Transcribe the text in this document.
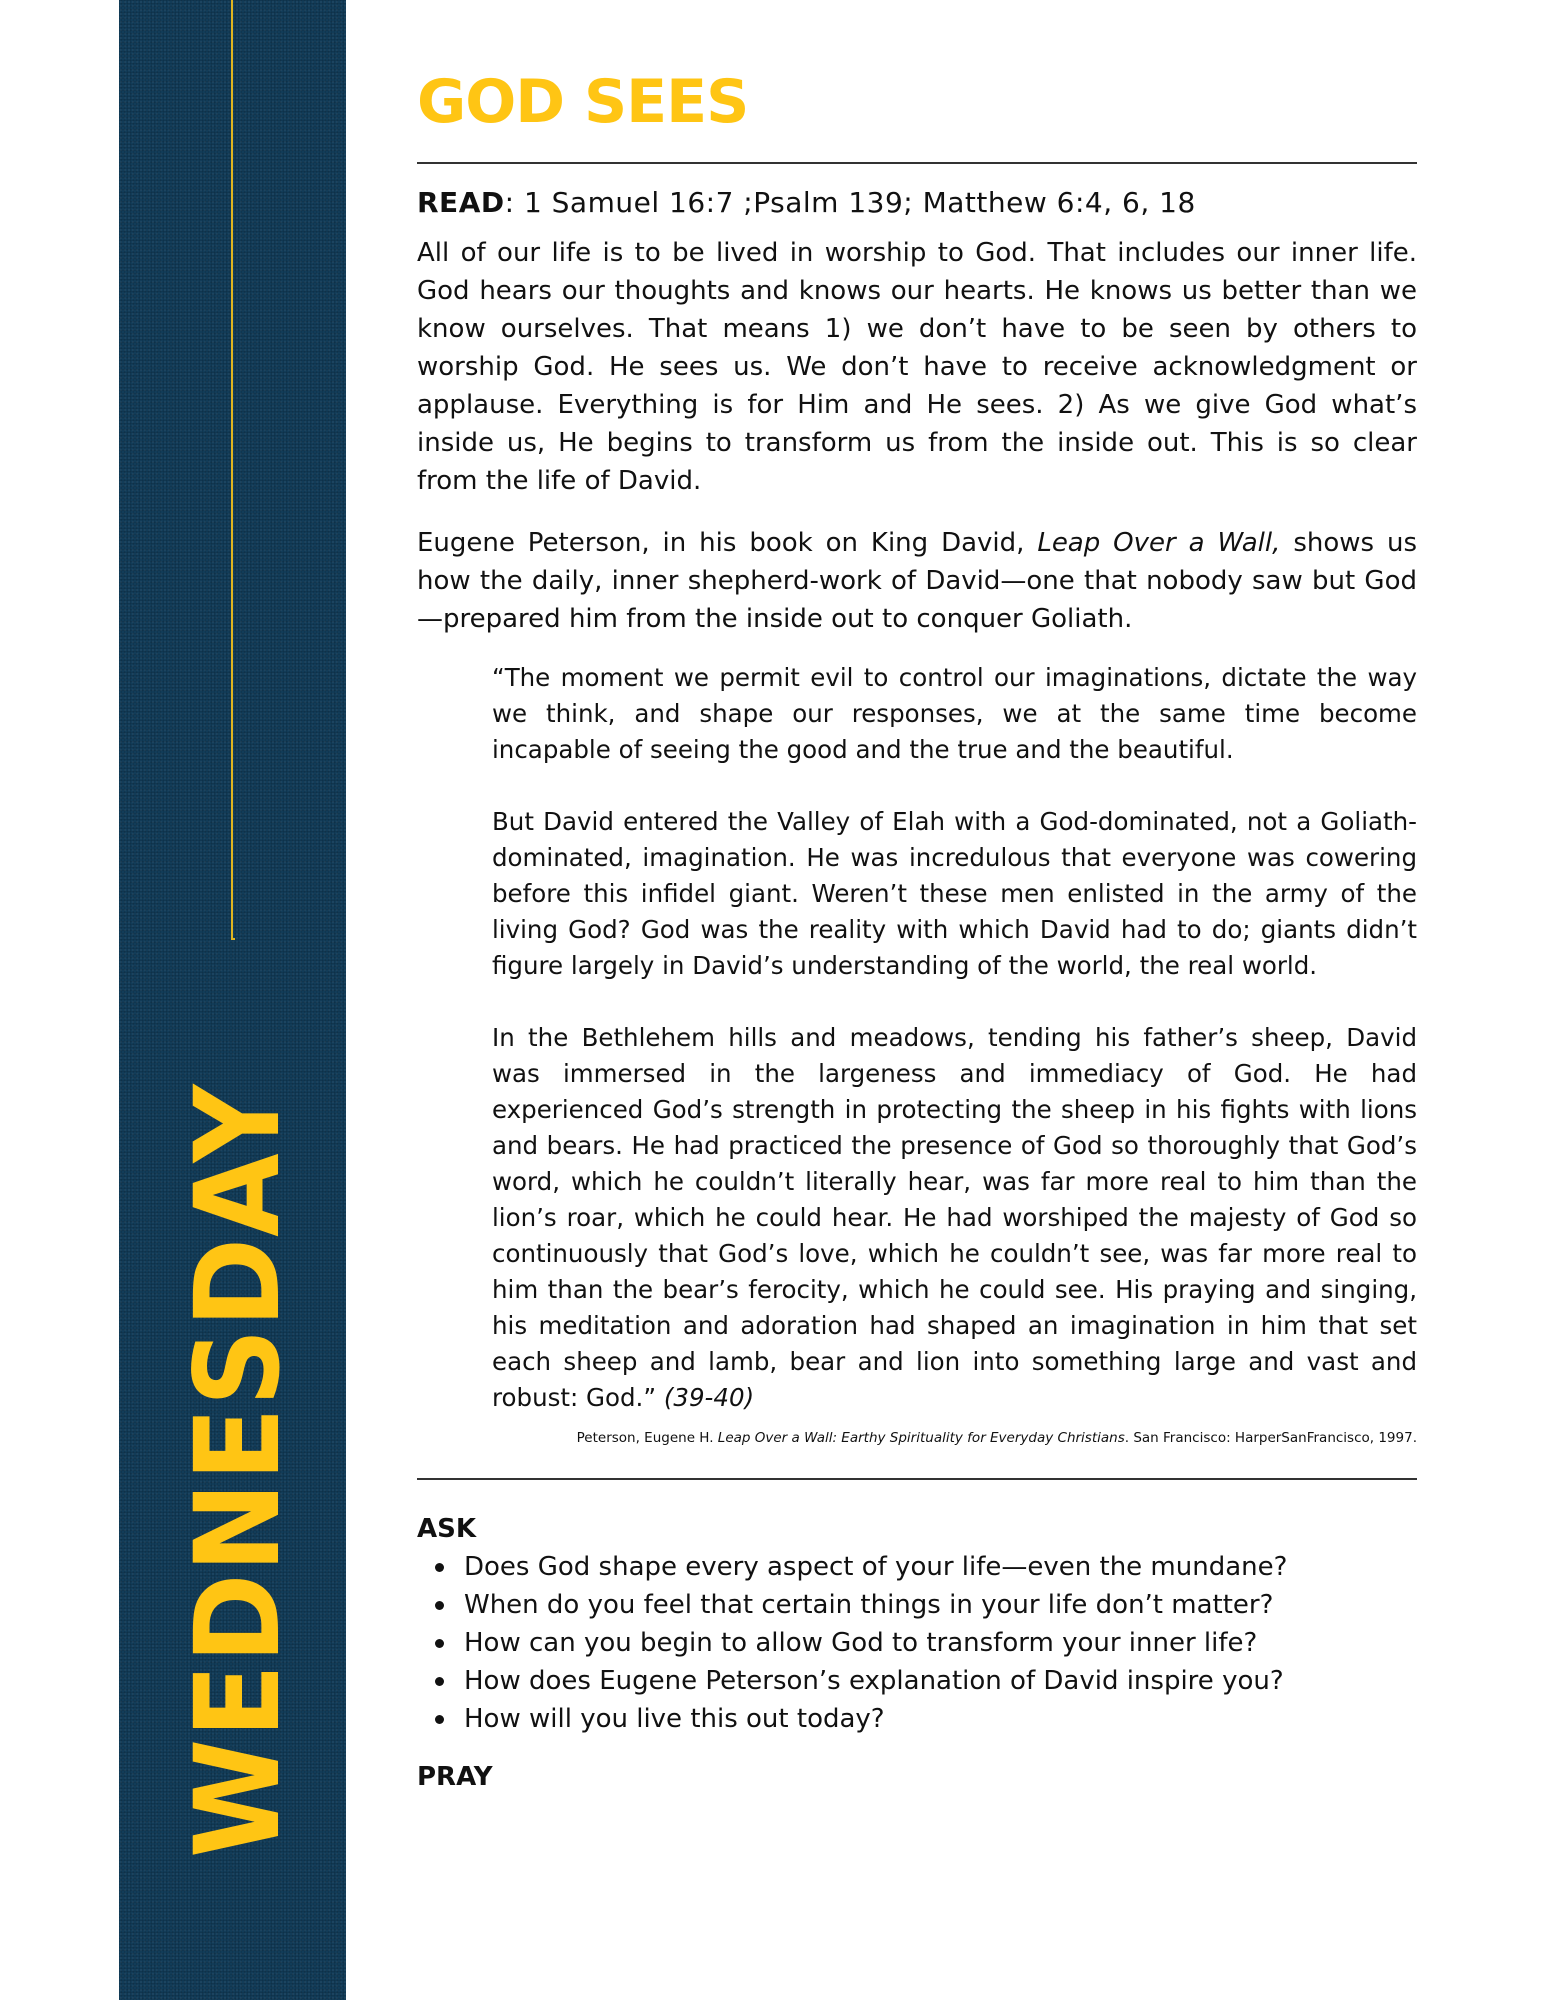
WEDNESDAY
GOD SEES

READ: 1 Samuel 16:7 ;Psalm 139; Matthew 6:4, 6, 18

All of our life is to be lived in worship to God. That includes our inner life. God hears our thoughts and knows our hearts. He knows us better than we know ourselves. That means 1) we don’t have to be seen by others to worship God. He sees us. We don’t have to receive acknowledgment or applause. Everything is for Him and He sees. 2) As we give God what’s inside us, He begins to transform us from the inside out. This is so clear from the life of David.

Eugene Peterson, in his book on King David, Leap Over a Wall, shows us how the daily, inner shepherd-work of David—one that nobody saw but God—prepared him from the inside out to conquer Goliath.

“The moment we permit evil to control our imaginations, dictate the way we think, and shape our responses, we at the same time become incapable of seeing the good and the true and the beautiful.

But David entered the Valley of Elah with a God-dominated, not a Goliath-dominated, imagination. He was incredulous that everyone was cowering before this infidel giant. Weren’t these men enlisted in the army of the living God? God was the reality with which David had to do; giants didn’t figure largely in David’s understanding of the world, the real world.

In the Bethlehem hills and meadows, tending his father’s sheep, David was immersed in the largeness and immediacy of God. He had experienced God’s strength in protecting the sheep in his fights with lions and bears. He had practiced the presence of God so thoroughly that God’s word, which he couldn’t literally hear, was far more real to him than the lion’s roar, which he could hear. He had worshiped the majesty of God so continuously that God’s love, which he couldn’t see, was far more real to him than the bear’s ferocity, which he could see. His praying and singing, his meditation and adoration had shaped an imagination in him that set each sheep and lamb, bear and lion into something large and vast and robust: God.” (39-40)

Peterson, Eugene H. Leap Over a Wall: Earthy Spirituality for Everyday Christians. San Francisco: HarperSanFrancisco, 1997.

ASK
Does God shape every aspect of your life—even the mundane?
When do you feel that certain things in your life don’t matter?
How can you begin to allow God to transform your inner life?
How does Eugene Peterson’s explanation of David inspire you?
How will you live this out today?
PRAY
